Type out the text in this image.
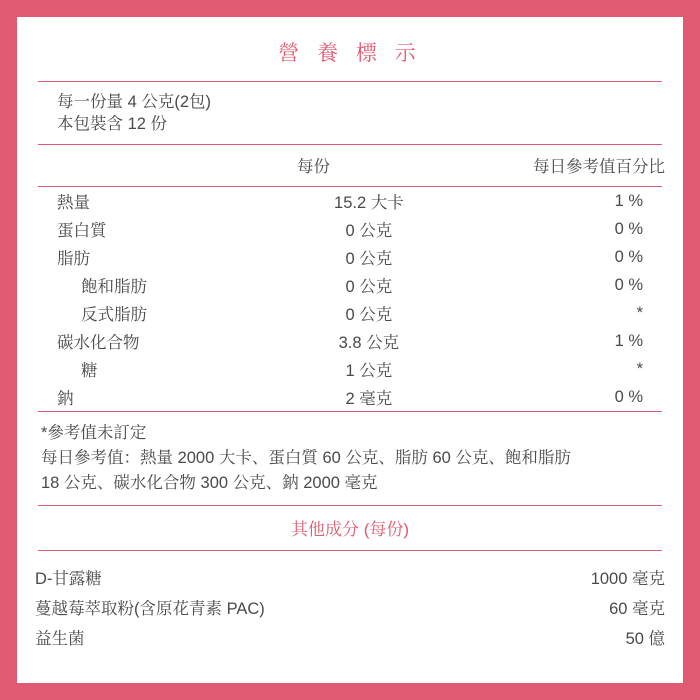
營 養 標 示
每一份量 4 公克(2包)
本包裝含 12 份
	每份	每日參考值百分比
熱量	15.2 大卡	1 %
蛋白質	0 公克	0 %
脂肪	0 公克	0 %
飽和脂肪	0 公克	0 %
反式脂肪	0 公克	*
碳水化合物	3.8 公克	1 %
糖	1 公克	*
鈉	2 毫克	0 %
*參考值未訂定
每日參考值：熱量 2000 大卡、蛋白質 60 公克、脂肪 60 公克、飽和脂肪
18 公克、碳水化合物 300 公克、鈉 2000 毫克
其他成分 (每份)
D-甘露糖	1000 毫克
蔓越莓萃取粉(含原花青素 PAC)	60 毫克
益生菌	50 億
